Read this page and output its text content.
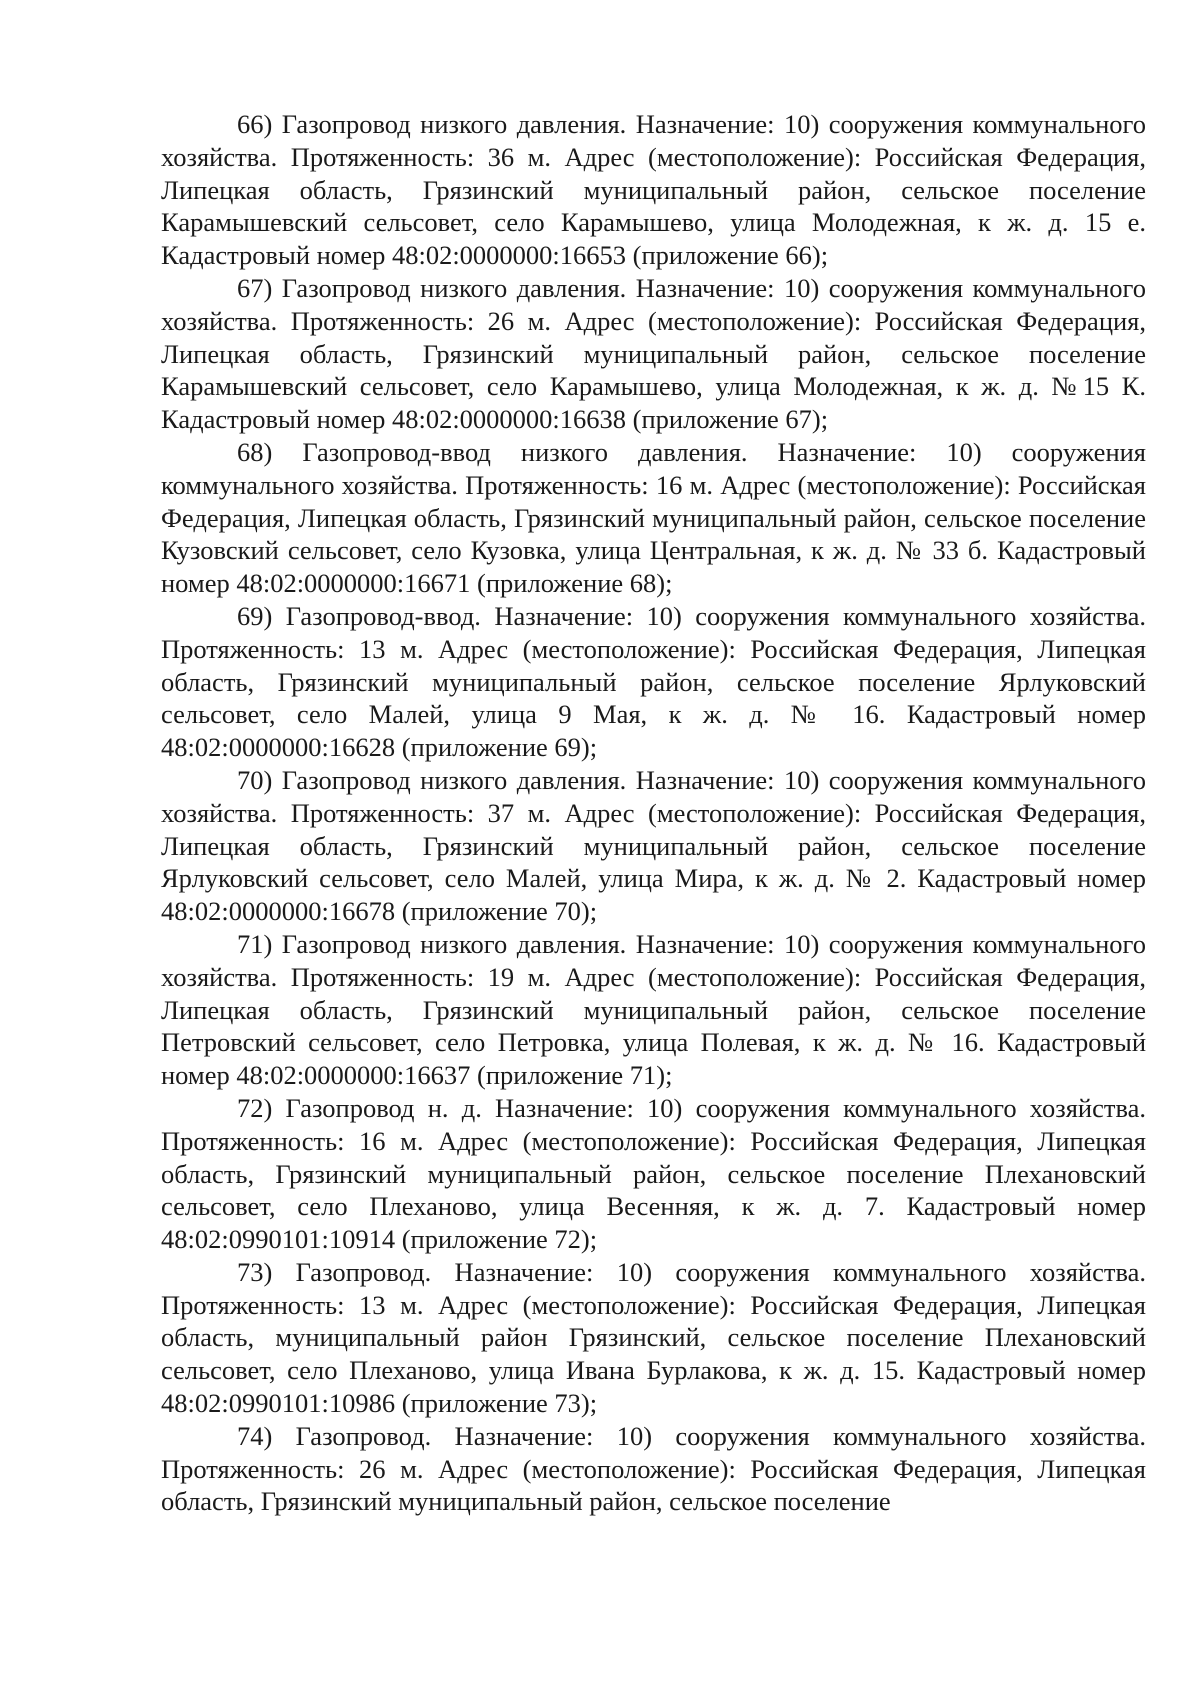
66) Газопровод низкого давления. Назначение: 10) сооружения коммунального хозяйства. Протяженность: 36 м. Адрес (местоположение): Российская Федерация, Липецкая область, Грязинский муниципальный район, сельское поселение Карамышевский сельсовет, село Карамышево, улица Молодежная, к ж. д. 15 е. Кадастровый номер 48:02:0000000:16653 (приложение 66);

67) Газопровод низкого давления. Назначение: 10) сооружения коммунального хозяйства. Протяженность: 26 м. Адрес (местоположение): Российская Федерация, Липецкая область, Грязинский муниципальный район, сельское поселение Карамышевский сельсовет, село Карамышево, улица Молодежная, к ж. д. №15 К. Кадастровый номер 48:02:0000000:16638 (приложение 67);

68) Газопровод-ввод низкого давления. Назначение: 10) сооружения коммунального хозяйства. Протяженность: 16 м. Адрес (местоположение): Российская Федерация, Липецкая область, Грязинский муниципальный район, сельское поселение Кузовский сельсовет, село Кузовка, улица Центральная, к ж. д. № 33 б. Кадастровый номер 48:02:0000000:16671 (приложение 68);

69) Газопровод-ввод. Назначение: 10) сооружения коммунального хозяйства. Протяженность: 13 м. Адрес (местоположение): Российская Федерация, Липецкая область, Грязинский муниципальный район, сельское поселение Ярлуковский сельсовет, село Малей, улица 9 Мая, к ж. д. № 16. Кадастровый номер 48:02:0000000:16628 (приложение 69);

70) Газопровод низкого давления. Назначение: 10) сооружения коммунального хозяйства. Протяженность: 37 м. Адрес (местоположение): Российская Федерация, Липецкая область, Грязинский муниципальный район, сельское поселение Ярлуковский сельсовет, село Малей, улица Мира, к ж. д. № 2. Кадастровый номер 48:02:0000000:16678 (приложение 70);

71) Газопровод низкого давления. Назначение: 10) сооружения коммунального хозяйства. Протяженность: 19 м. Адрес (местоположение): Российская Федерация, Липецкая область, Грязинский муниципальный район, сельское поселение Петровский сельсовет, село Петровка, улица Полевая, к ж. д. № 16. Кадастровый номер 48:02:0000000:16637 (приложение 71);

72) Газопровод н. д. Назначение: 10) сооружения коммунального хозяйства. Протяженность: 16 м. Адрес (местоположение): Российская Федерация, Липецкая область, Грязинский муниципальный район, сельское поселение Плехановский сельсовет, село Плеханово, улица Весенняя, к ж. д. 7. Кадастровый номер 48:02:0990101:10914 (приложение 72);

73) Газопровод. Назначение: 10) сооружения коммунального хозяйства. Протяженность: 13 м. Адрес (местоположение): Российская Федерация, Липецкая область, муниципальный район Грязинский, сельское поселение Плехановский сельсовет, село Плеханово, улица Ивана Бурлакова, к ж. д. 15. Кадастровый номер 48:02:0990101:10986 (приложение 73);

74) Газопровод. Назначение: 10) сооружения коммунального хозяйства. Протяженность: 26 м. Адрес (местоположение): Российская Федерация, Липецкая область, Грязинский муниципальный район, сельское поселение
